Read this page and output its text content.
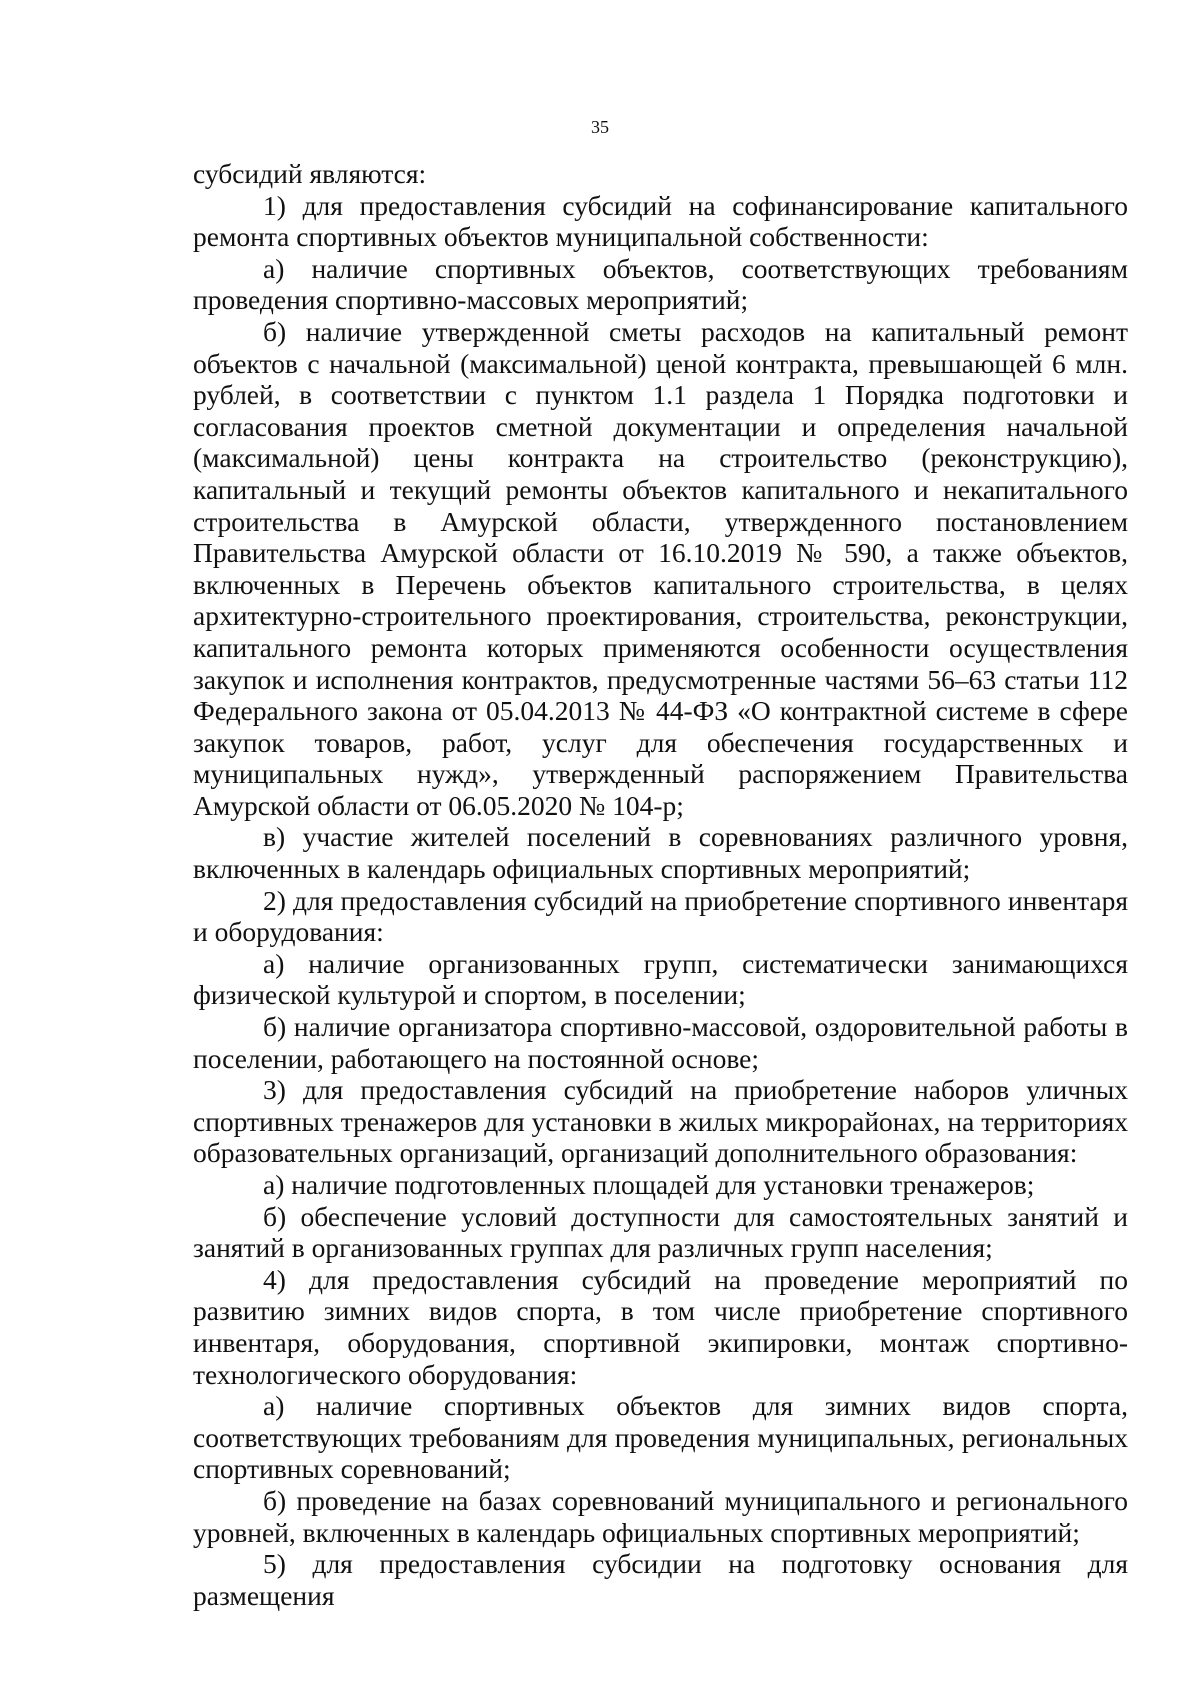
35

субсидий являются:

1) для предоставления субсидий на софинансирование капитального ремонта спортивных объектов муниципальной собственности:

а) наличие спортивных объектов, соответствующих требованиям проведения спортивно-массовых мероприятий;

б) наличие утвержденной сметы расходов на капитальный ремонт объектов с начальной (максимальной) ценой контракта, превышающей 6 млн. рублей, в соответствии с пунктом 1.1 раздела 1 Порядка подготовки и согласования проектов сметной документации и определения начальной (максимальной) цены контракта на строительство (реконструкцию), капитальный и текущий ремонты объектов капитального и некапитального строительства в Амурской области, утвержденного постановлением Правительства Амурской области от 16.10.2019 № 590, а также объектов, включенных в Перечень объектов капитального строительства, в целях архитектурно-строительного проектирования, строительства, реконструкции, капитального ремонта которых применяются особенности осуществления закупок и исполнения контрактов, предусмотренные частями 56–63 статьи 112 Федерального закона от 05.04.2013 № 44-ФЗ «О контрактной системе в сфере закупок товаров, работ, услуг для обеспечения государственных и муниципальных нужд», утвержденный распоряжением Правительства Амурской области от 06.05.2020 № 104-р;

в) участие жителей поселений в соревнованиях различного уровня, включенных в календарь официальных спортивных мероприятий;

2) для предоставления субсидий на приобретение спортивного инвентаря и оборудования:

а) наличие организованных групп, систематически занимающихся физической культурой и спортом, в поселении;

б) наличие организатора спортивно-массовой, оздоровительной работы в поселении, работающего на постоянной основе;

3) для предоставления субсидий на приобретение наборов уличных спортивных тренажеров для установки в жилых микрорайонах, на территориях образовательных организаций, организаций дополнительного образования:

а) наличие подготовленных площадей для установки тренажеров;

б) обеспечение условий доступности для самостоятельных занятий и занятий в организованных группах для различных групп населения;

4) для предоставления субсидий на проведение мероприятий по развитию зимних видов спорта, в том числе приобретение спортивного инвентаря, оборудования, спортивной экипировки, монтаж спортивно-технологического оборудования:

а) наличие спортивных объектов для зимних видов спорта, соответствующих требованиям для проведения муниципальных, региональных спортивных соревнований;

б) проведение на базах соревнований муниципального и регионального уровней, включенных в календарь официальных спортивных мероприятий;

5) для предоставления субсидии на подготовку основания для размещения
